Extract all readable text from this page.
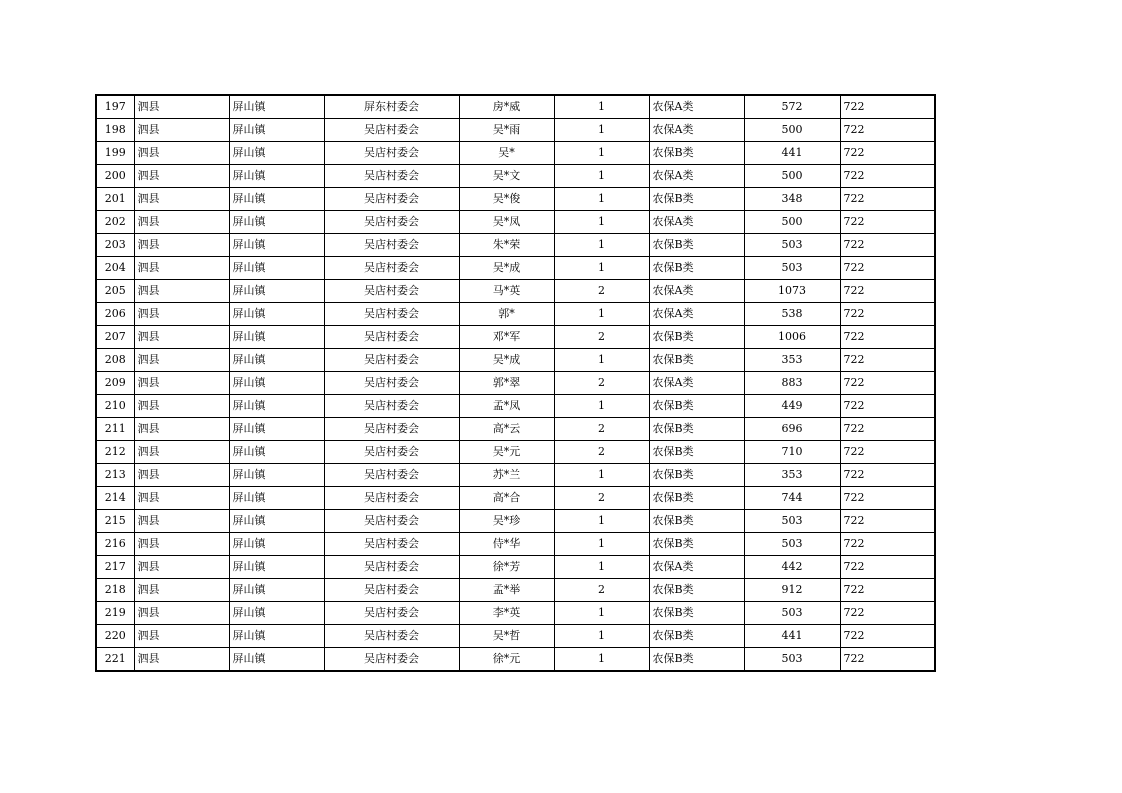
197	泗县	屏山镇	屏东村委会	房*威	1	农保A类	572	722
198	泗县	屏山镇	吴店村委会	吴*雨	1	农保A类	500	722
199	泗县	屏山镇	吴店村委会	吴*	1	农保B类	441	722
200	泗县	屏山镇	吴店村委会	吴*文	1	农保A类	500	722
201	泗县	屏山镇	吴店村委会	吴*俊	1	农保B类	348	722
202	泗县	屏山镇	吴店村委会	吴*凤	1	农保A类	500	722
203	泗县	屏山镇	吴店村委会	朱*荣	1	农保B类	503	722
204	泗县	屏山镇	吴店村委会	吴*成	1	农保B类	503	722
205	泗县	屏山镇	吴店村委会	马*英	2	农保A类	1073	722
206	泗县	屏山镇	吴店村委会	郭*	1	农保A类	538	722
207	泗县	屏山镇	吴店村委会	邓*军	2	农保B类	1006	722
208	泗县	屏山镇	吴店村委会	吴*成	1	农保B类	353	722
209	泗县	屏山镇	吴店村委会	郭*翠	2	农保A类	883	722
210	泗县	屏山镇	吴店村委会	孟*凤	1	农保B类	449	722
211	泗县	屏山镇	吴店村委会	高*云	2	农保B类	696	722
212	泗县	屏山镇	吴店村委会	吴*元	2	农保B类	710	722
213	泗县	屏山镇	吴店村委会	苏*兰	1	农保B类	353	722
214	泗县	屏山镇	吴店村委会	高*合	2	农保B类	744	722
215	泗县	屏山镇	吴店村委会	吴*珍	1	农保B类	503	722
216	泗县	屏山镇	吴店村委会	侍*华	1	农保B类	503	722
217	泗县	屏山镇	吴店村委会	徐*芳	1	农保A类	442	722
218	泗县	屏山镇	吴店村委会	孟*举	2	农保B类	912	722
219	泗县	屏山镇	吴店村委会	李*英	1	农保B类	503	722
220	泗县	屏山镇	吴店村委会	吴*哲	1	农保B类	441	722
221	泗县	屏山镇	吴店村委会	徐*元	1	农保B类	503	722
